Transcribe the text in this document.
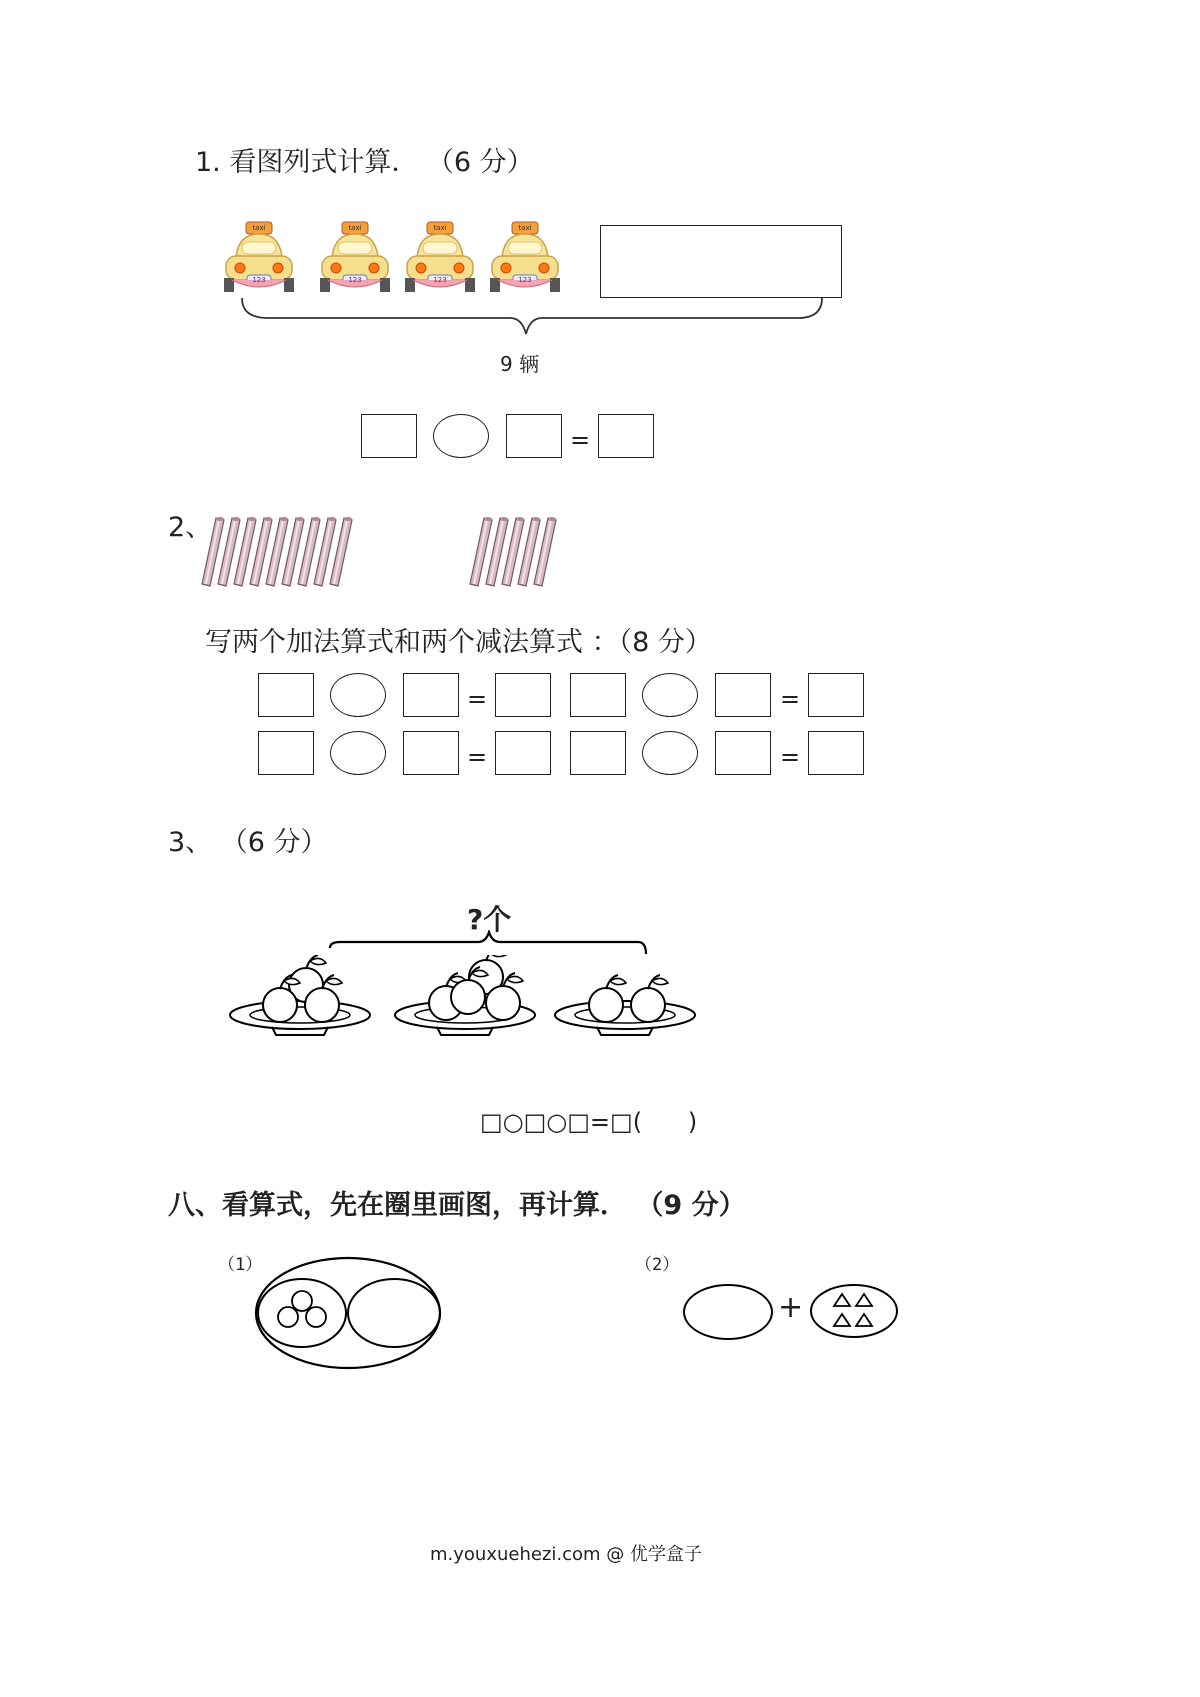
1. 看图列式计算． （6 分）
taxi
123
taxi
123
taxi
123
taxi
123
9 辆
=
2、
写两个加法算式和两个减法算式 ：（8 分）
=	=
=	=
3、 （6 分）
?个
□○□○□=□(      )
八、看算式，先在圈里画图，再计算． （9 分）
（1）	（2）
+
m.youxuehezi.com @ 优学盒子
